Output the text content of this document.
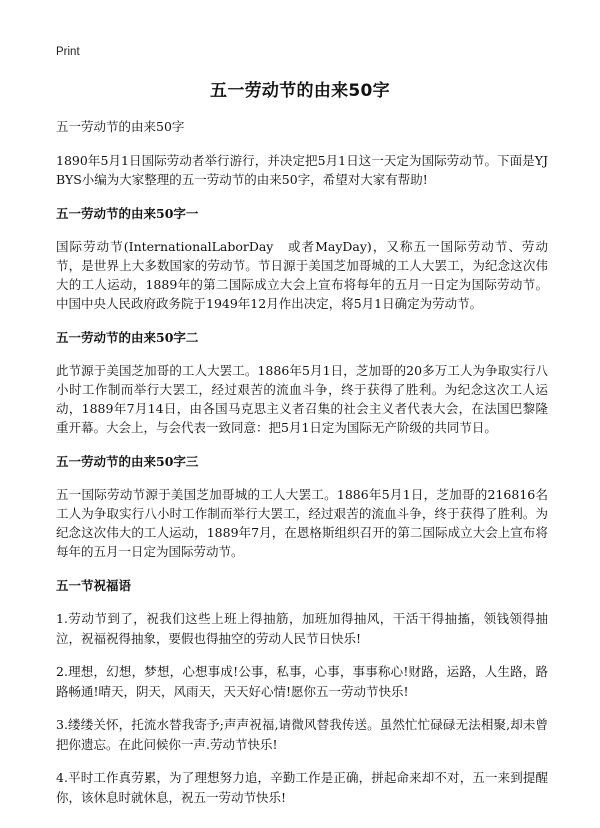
Print
五一劳动节的由来50字

五一劳动节的由来50字

1890年5月1日国际劳动者举行游行，并决定把5月1日这一天定为国际劳动节。下面是YJBYS小编为大家整理的五一劳动节的由来50字，希望对大家有帮助!

五一劳动节的由来50字一

国际劳动节(InternationalLaborDay　或者MayDay)，又称五一国际劳动节、劳动节，是世界上大多数国家的劳动节。节日源于美国芝加哥城的工人大罢工，为纪念这次伟大的工人运动，1889年的第二国际成立大会上宣布将每年的五月一日定为国际劳动节。中国中央人民政府政务院于1949年12月作出决定，将5月1日确定为劳动节。

五一劳动节的由来50字二

此节源于美国芝加哥的工人大罢工。1886年5月1日，芝加哥的20多万工人为争取实行八小时工作制而举行大罢工，经过艰苦的流血斗争，终于获得了胜利。为纪念这次工人运动，1889年7月14日，由各国马克思主义者召集的社会主义者代表大会，在法国巴黎隆重开幕。大会上，与会代表一致同意：把5月1日定为国际无产阶级的共同节日。

五一劳动节的由来50字三

五一国际劳动节源于美国芝加哥城的工人大罢工。1886年5月1日，芝加哥的216816名工人为争取实行八小时工作制而举行大罢工，经过艰苦的流血斗争，终于获得了胜利。为纪念这次伟大的工人运动，1889年7月，在恩格斯组织召开的第二国际成立大会上宣布将每年的五月一日定为国际劳动节。

五一节祝福语

1.劳动节到了，祝我们这些上班上得抽筋，加班加得抽风，干活干得抽搐，领钱领得抽泣，祝福祝得抽象，要假也得抽空的劳动人民节日快乐!

2.理想，幻想，梦想，心想事成!公事，私事，心事，事事称心!财路，运路，人生路，路路畅通!晴天，阴天，风雨天，天天好心情!愿你五一劳动节快乐!

3.缕缕关怀，托流水替我寄予;声声祝福,请微风替我传送。虽然忙忙碌碌无法相聚,却未曾把你遗忘。在此问候你一声.劳动节快乐!

4.平时工作真劳累，为了理想努力追，辛勤工作是正确，拼起命来却不对，五一来到提醒你，该休息时就休息，祝五一劳动节快乐!
